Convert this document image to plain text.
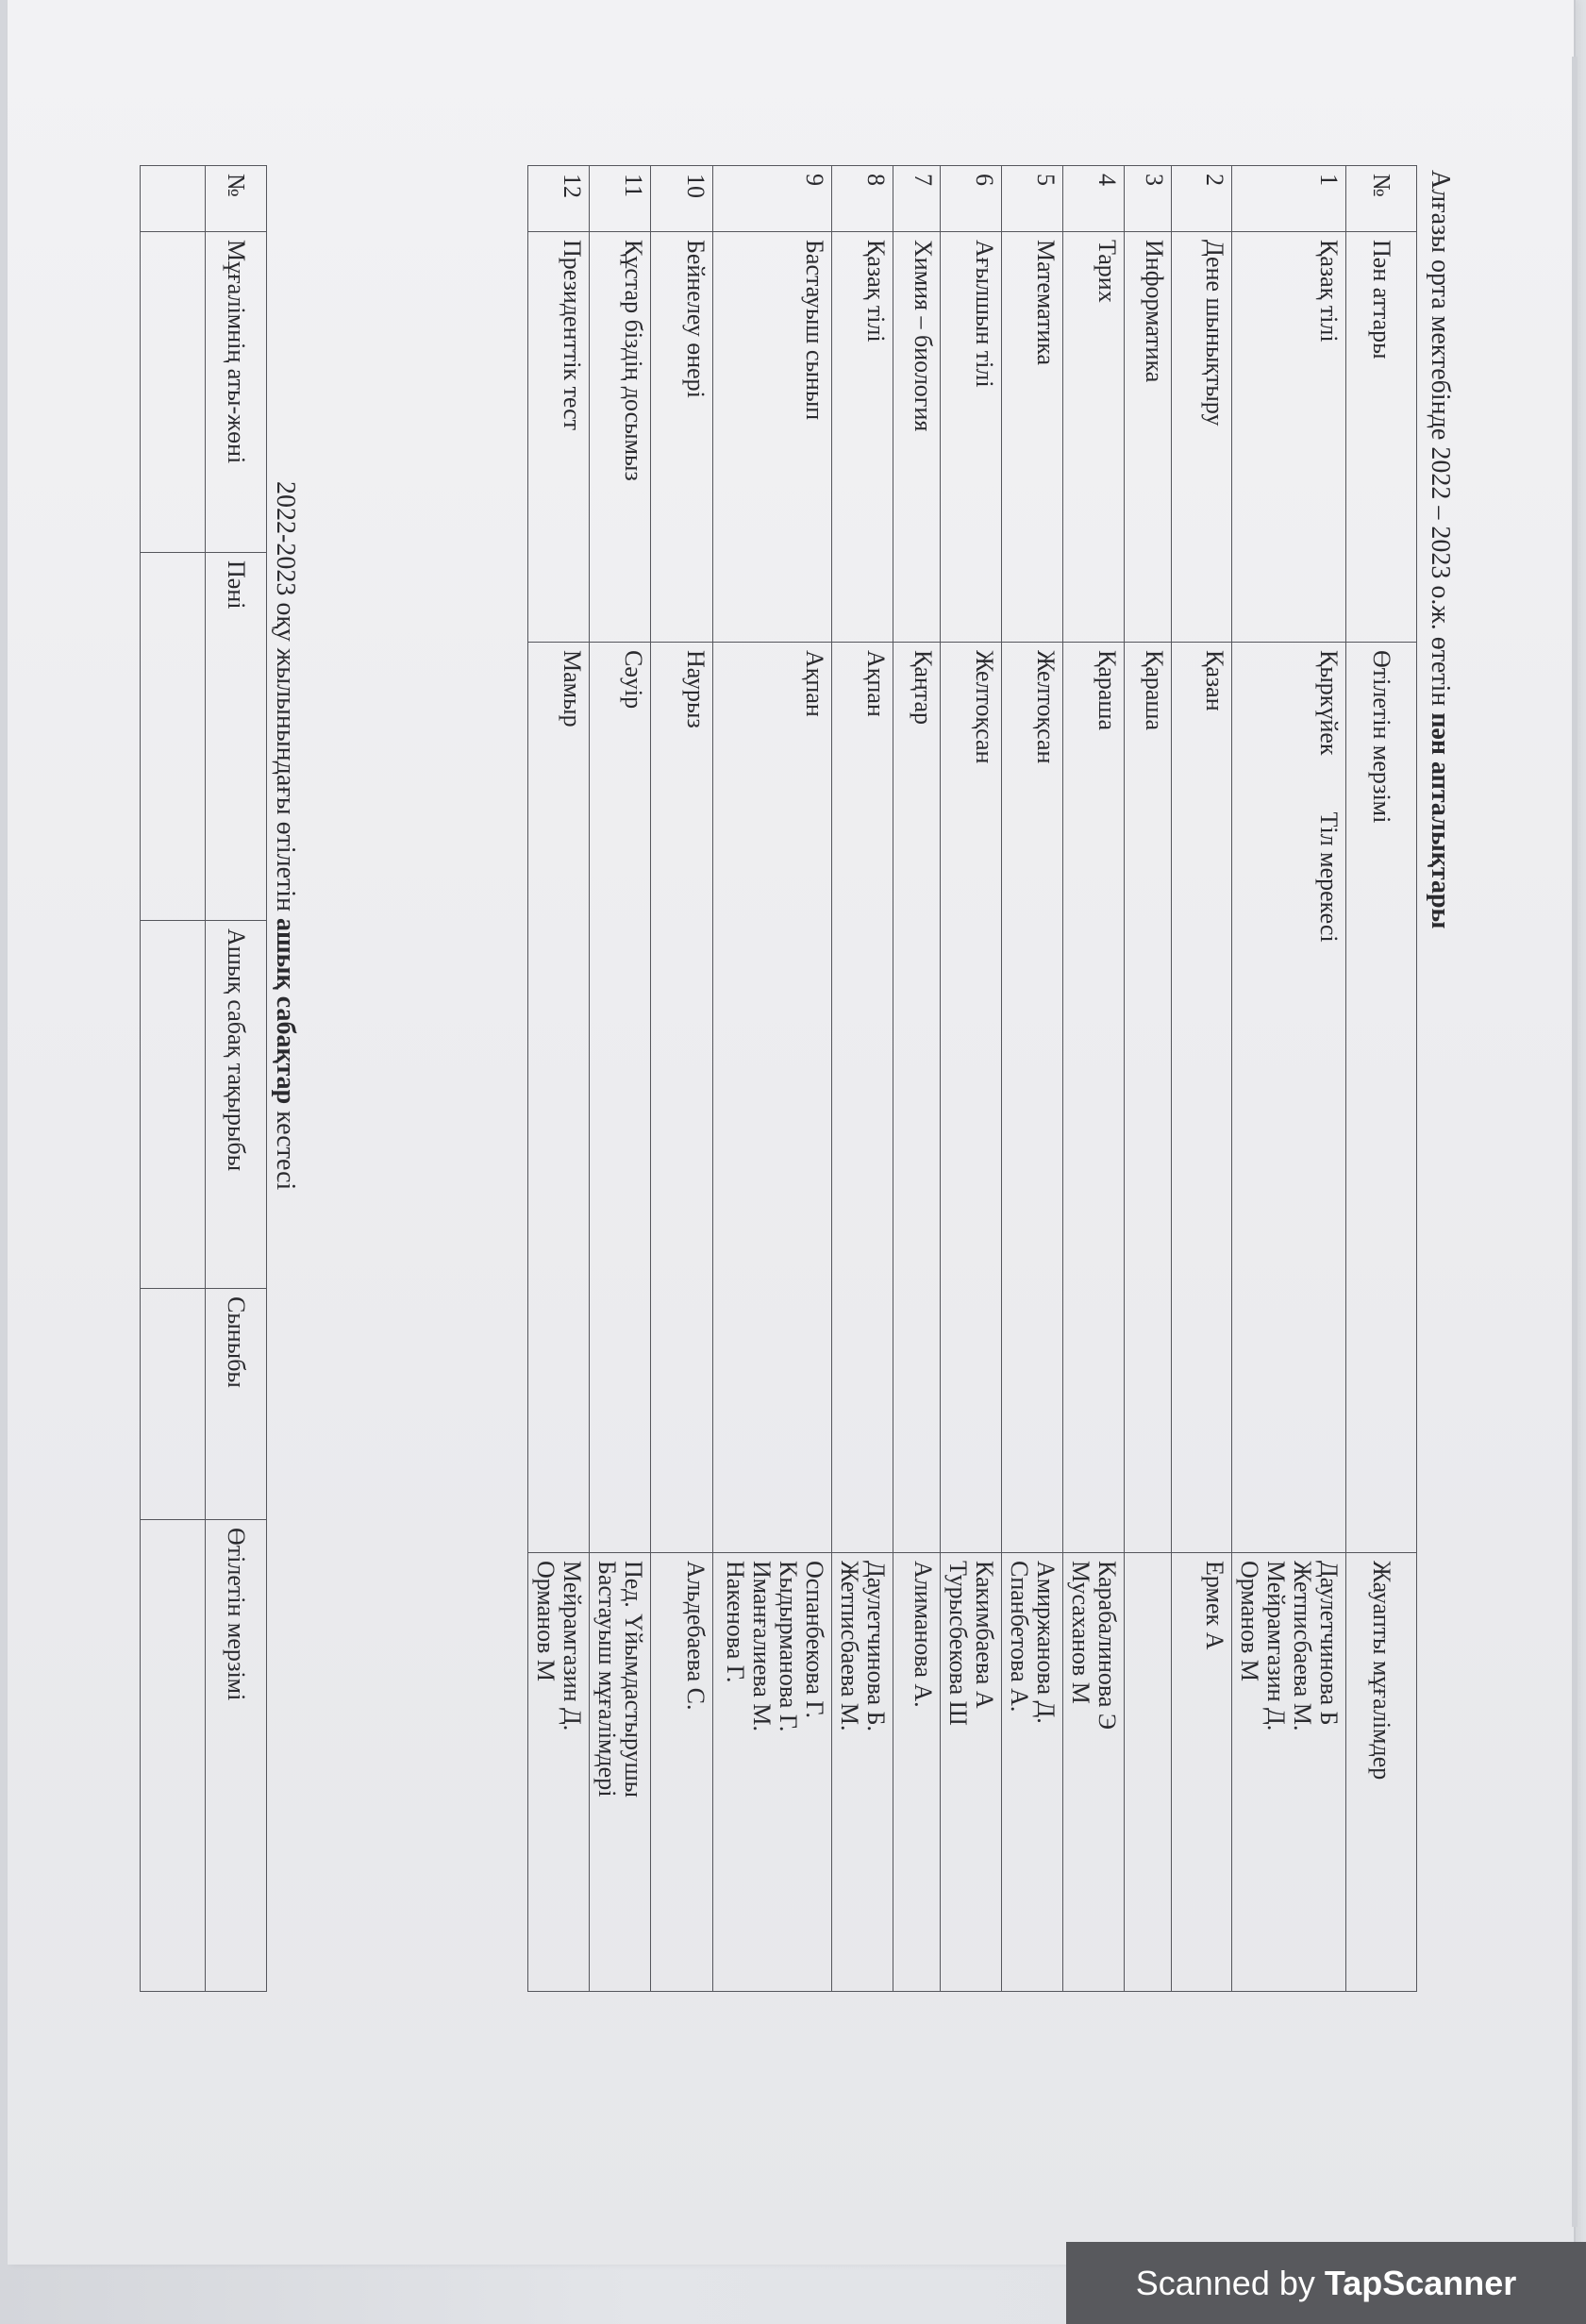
Алғазы орта мектебінде 2022 – 2023 о.ж. өтетін пән апталықтары
№	Пән аттары	Өтілетін мерзімі	Жауапты мұғалімдер
1	Қазақ тілі	ҚыркүйекТіл мерекесі	Даулетчинова Б
Жетписбаева М.
Мейрамгазин Д.
Орманов М

2	Дене шынықтыру	Қазан	Ермек А

3	Информатика	Қараша	
4	Тарих	Қараша	Карабалинова Э
Мусаханов М

5	Математика	Желтоқсан	Амиржанова Д.
Спанбетова А.

6	Ағылшын тілі	Желтоқсан	Какимбаева А
Турысбекова Ш

7	Химия – биология	Қаңтар	Алиманова А.

8	Қазақ тілі	Ақпан	Даулетчинова Б.
Жетписбаева М.

9	Бастауыш сынып	Ақпан	Оспанбекова Г.
Кыдырманова Г.
Иманғалиева М.
Накенова Г.

10	Бейнелеу өнері	Наурыз	Альдебаева С.

11	Құстар біздің досымыз	Сәуір	Пед. Үйымдастырушы
Бастауыш мұғалімдері

12	Президенттік тест	Мамыр	Мейрамгазин Д.
Орманов М
2022-2023 оқу жылынындағы өтілетін ашық сабақтар кестесі
№	Мұғалімнің аты-жөні	Пәні	Ашық сабақ тақырыбы	Сыныбы	Өтілетін мерзімі

Scanned by TapScanner
